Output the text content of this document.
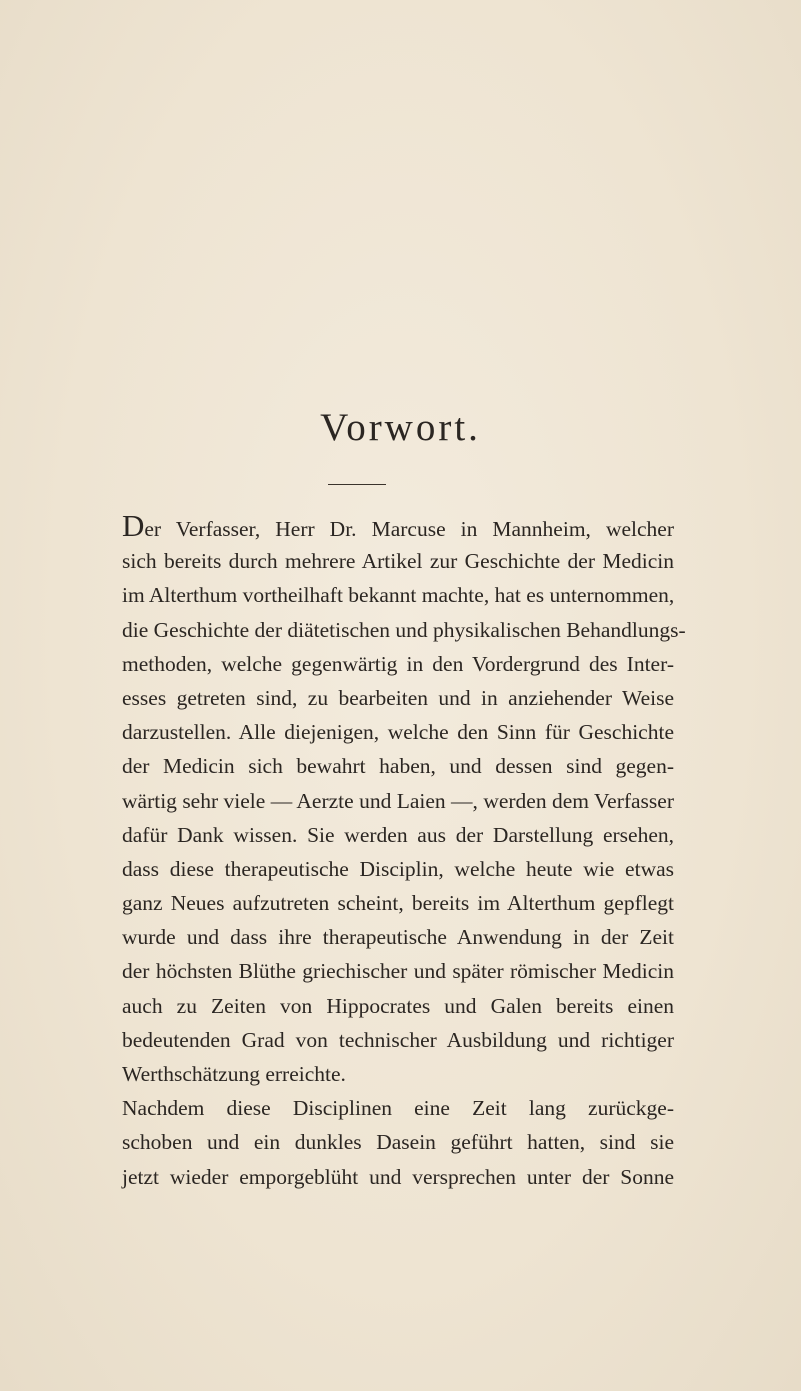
Vorwort.
Der Verfasser, Herr Dr. Marcuse in Mannheim, welcher
sich bereits durch mehrere Artikel zur Geschichte der Medicin
im Alterthum vortheilhaft bekannt machte, hat es unternommen,
die Geschichte der diätetischen und physikalischen Behandlungs-
methoden, welche gegenwärtig in den Vordergrund des Inter-
esses getreten sind, zu bearbeiten und in anziehender Weise
darzustellen. Alle diejenigen, welche den Sinn für Geschichte
der Medicin sich bewahrt haben, und dessen sind gegen-
wärtig sehr viele — Aerzte und Laien —, werden dem Verfasser
dafür Dank wissen. Sie werden aus der Darstellung ersehen,
dass diese therapeutische Disciplin, welche heute wie etwas
ganz Neues aufzutreten scheint, bereits im Alterthum gepflegt
wurde und dass ihre therapeutische Anwendung in der Zeit
der höchsten Blüthe griechischer und später römischer Medicin
auch zu Zeiten von Hippocrates und Galen bereits einen
bedeutenden Grad von technischer Ausbildung und richtiger
Werthschätzung erreichte.
Nachdem diese Disciplinen eine Zeit lang zurückge-
schoben und ein dunkles Dasein geführt hatten, sind sie
jetzt wieder emporgeblüht und versprechen unter der Sonne
